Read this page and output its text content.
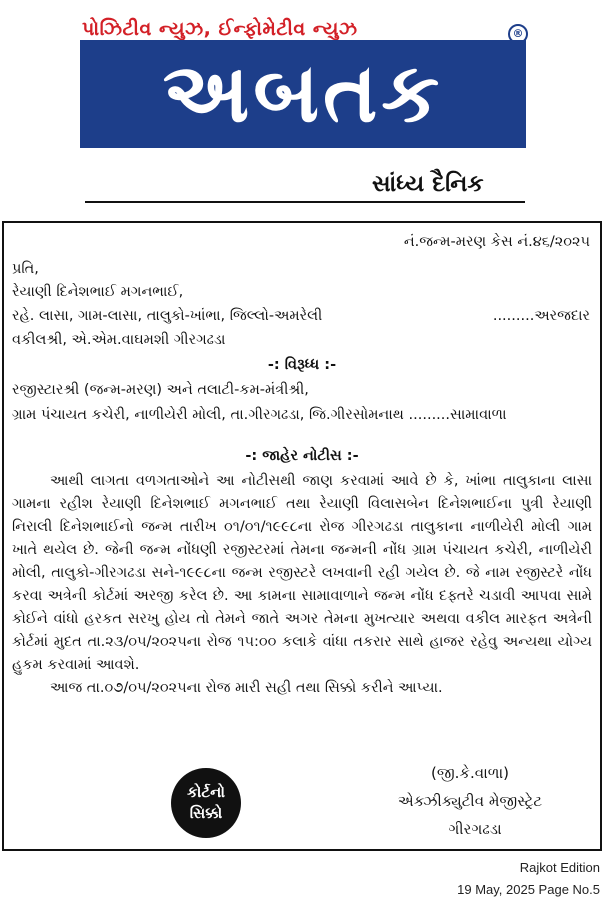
પોઝિટીવ ન્યુઝ, ઈન્ફોમેટીવ ન્યુઝ	®
અબતક
સાંધ્ય દૈનિક
નં.જન્મ-મરણ કેસ નં.૪૬/૨૦૨૫
પ્રતિ,
રેયાણી દિનેશભાઈ મગનભાઈ,
રહે. લાસા, ગામ-લાસા, તાલુકો-ખાંભા, જિલ્લો-અમરેલી	.........અરજદાર
વકીલશ્રી, એ.એમ.વાઘમશી ગીરગઢડા
-: વિરૂધ્ધ :-
રજીસ્ટારશ્રી (જન્મ-મરણ) અને તલાટી-કમ-મંત્રીશ્રી,
ગ્રામ પંચાયત કચેરી, નાળીયેરી મોલી, તા.ગીરગઢડા, જિ.ગીરસોમનાથ .........સામાવાળા
-: જાહેર નોટીસ :-

આથી લાગતા વળગતાઓને આ નોટીસથી જાણ કરવામાં આવે છે કે, ખાંભા તાલુકાના લાસા ગામના રહીશ રેયાણી દિનેશભાઈ મગનભાઈ તથા રેયાણી વિલાસબેન દિનેશભાઈના પુત્રી રેયાણી નિરાલી દિનેશભાઈનો જન્મ તારીખ ૦૧/૦૧/૧૯૯૮ના રોજ ગીરગઢડા તાલુકાના નાળીયેરી મોલી ગામ ખાતે થયેલ છે. જેની જન્મ નોંધણી રજીસ્ટરમાં તેમના જન્મની નોંધ ગ્રામ પંચાયત કચેરી, નાળીયેરી મોલી, તાલુકો-ગીરગઢડા સને-૧૯૯૮ના જન્મ રજીસ્ટરે લખવાની રહી ગયેલ છે. જે નામ રજીસ્ટરે નોંધ કરવા અત્રેની કોર્ટમાં અરજી કરેલ છે. આ કામના સામાવાળાને જન્મ નોંધ દફ્તરે ચડાવી આપવા સામે કોઈને વાંધો હરકત સરખુ હોય તો તેમને જાતે અગર તેમના મુખત્યાર અથવા વકીલ મારફત અત્રેની કોર્ટમાં મુદત તા.૨૩/૦૫/૨૦૨૫ના રોજ ૧૫:૦૦ કલાકે વાંધા તકરાર સાથે હાજર રહેવુ અન્યથા યોગ્ય હુકમ કરવામાં આવશે.

આજ તા.૦૭/૦૫/૨૦૨૫ના રોજ મારી સહી તથા સિક્કો કરીને આપ્યા.

કોર્ટનો
સિક્કો
(જી.કે.વાળા)
એક્ઝીક્યુટીવ મેજીસ્ટ્રેટ
ગીરગઢડા
Rajkot Edition
19 May, 2025 Page No.5
